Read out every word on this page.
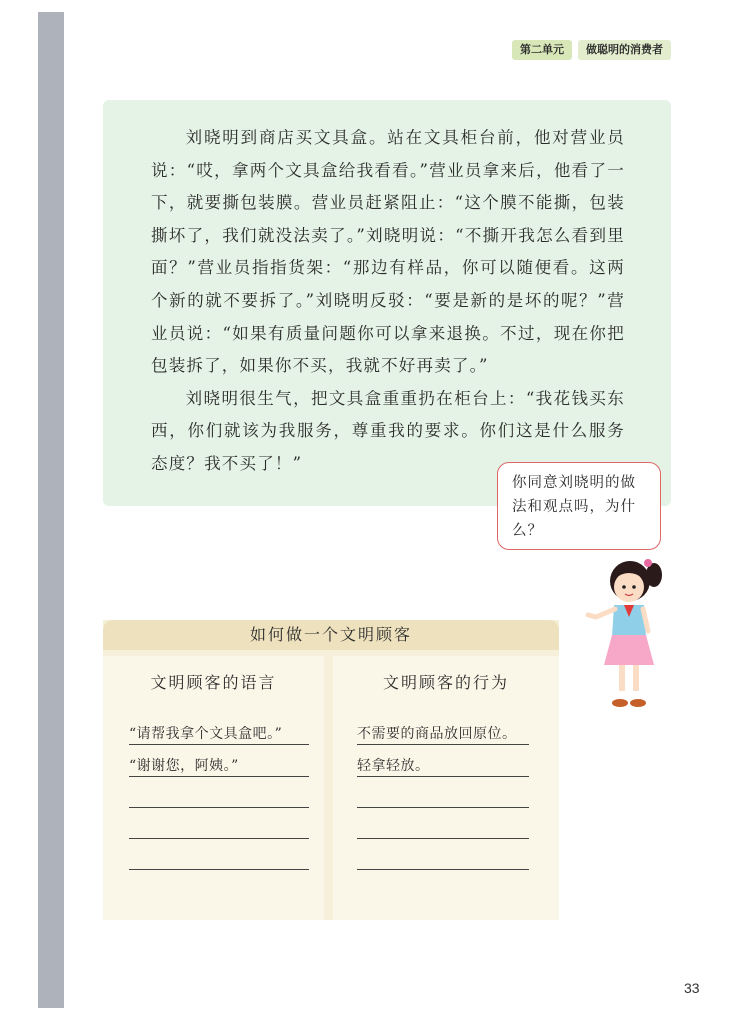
第二单元	做聪明的消费者

刘晓明到商店买文具盒。站在文具柜台前，他对营业员说：“哎，拿两个文具盒给我看看。”营业员拿来后，他看了一下，就要撕包装膜。营业员赶紧阻止：“这个膜不能撕，包装撕坏了，我们就没法卖了。”刘晓明说：“不撕开我怎么看到里面？”营业员指指货架：“那边有样品，你可以随便看。这两个新的就不要拆了。”刘晓明反驳：“要是新的是坏的呢？”营业员说：“如果有质量问题你可以拿来退换。不过，现在你把包装拆了，如果你不买，我就不好再卖了。”

刘晓明很生气，把文具盒重重扔在柜台上：“我花钱买东西，你们就该为我服务，尊重我的要求。你们这是什么服务态度？我不买了！”

你同意刘晓明的做法和观点吗，为什么？
如何做一个文明顾客
文明顾客的语言
“请帮我拿个文具盒吧。”
“谢谢您，阿姨。”
文明顾客的行为
不需要的商品放回原位。
轻拿轻放。
33
